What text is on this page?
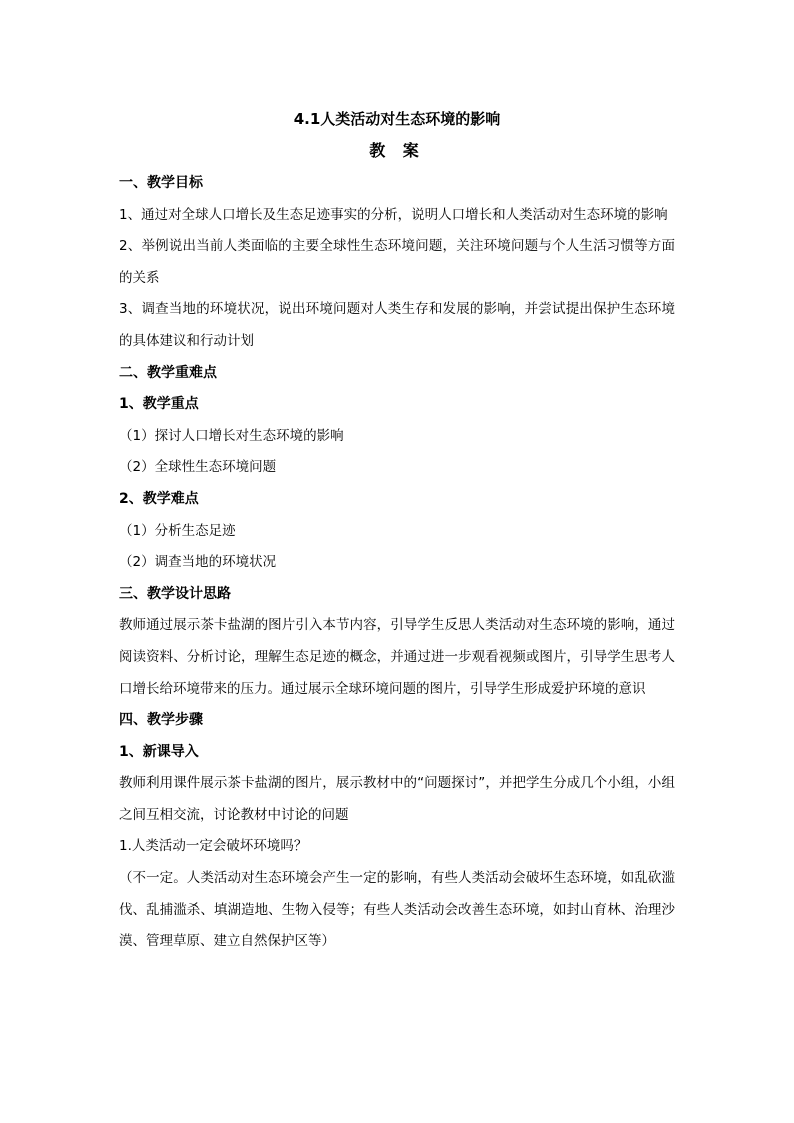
4.1人类活动对生态环境的影响

教 案

一、教学目标

1、通过对全球人口增长及生态足迹事实的分析，说明人口增长和人类活动对生态环境的影响

2、举例说出当前人类面临的主要全球性生态环境问题，关注环境问题与个人生活习惯等方面的关系

3、调查当地的环境状况，说出环境问题对人类生存和发展的影响，并尝试提出保护生态环境的具体建议和行动计划

二、教学重难点

1、教学重点

（1）探讨人口增长对生态环境的影响

（2）全球性生态环境问题

2、教学难点

（1）分析生态足迹

（2）调查当地的环境状况

三、教学设计思路

教师通过展示茶卡盐湖的图片引入本节内容，引导学生反思人类活动对生态环境的影响，通过阅读资料、分析讨论，理解生态足迹的概念，并通过进一步观看视频或图片，引导学生思考人口增长给环境带来的压力。通过展示全球环境问题的图片，引导学生形成爱护环境的意识

四、教学步骤

1、新课导入

教师利用课件展示茶卡盐湖的图片，展示教材中的“问题探讨”，并把学生分成几个小组，小组之间互相交流，讨论教材中讨论的问题

1.人类活动一定会破坏环境吗？

（不一定。人类活动对生态环境会产生一定的影响，有些人类活动会破坏生态环境，如乱砍滥伐、乱捕滥杀、填湖造地、生物入侵等；有些人类活动会改善生态环境，如封山育林、治理沙漠、管理草原、建立自然保护区等）
